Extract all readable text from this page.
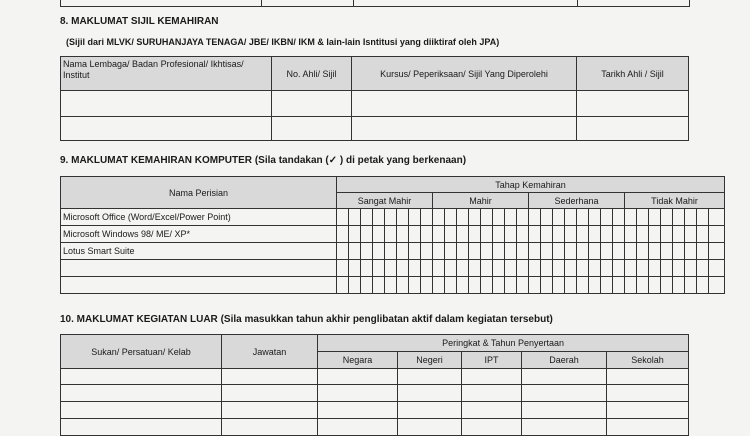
8. MAKLUMAT SIJIL KEMAHIRAN
(Sijil dari MLVK/ SURUHANJAYA TENAGA/ JBE/ IKBN/ IKM & lain-lain Isntitusi yang diiktiraf oleh JPA)
Nama Lembaga/ Badan Profesional/ Ikhtisas/ Institut	No. Ahli/ Sijil	Kursus/ Peperiksaan/ Sijil Yang Diperolehi	Tarikh Ahli / Sijil

9. MAKLUMAT KEMAHIRAN KOMPUTER (Sila tandakan (✓ ) di petak yang berkenaan)
Nama Perisian	Tahap Kemahiran																															
	Sangat Mahir								Mahir								Sederhana								Tidak Mahir							
Microsoft Office (Word/Excel/Power Point)																																
Microsoft Windows 98/ ME/ XP*																																
Lotus Smart Suite																																

10. MAKLUMAT KEGIATAN LUAR (Sila masukkan tahun akhir penglibatan aktif dalam kegiatan tersebut)
Sukan/ Persatuan/ Kelab	Jawatan	Peringkat & Tahun Penyertaan				
		Negara	Negeri	IPT	Daerah	Sekolah
